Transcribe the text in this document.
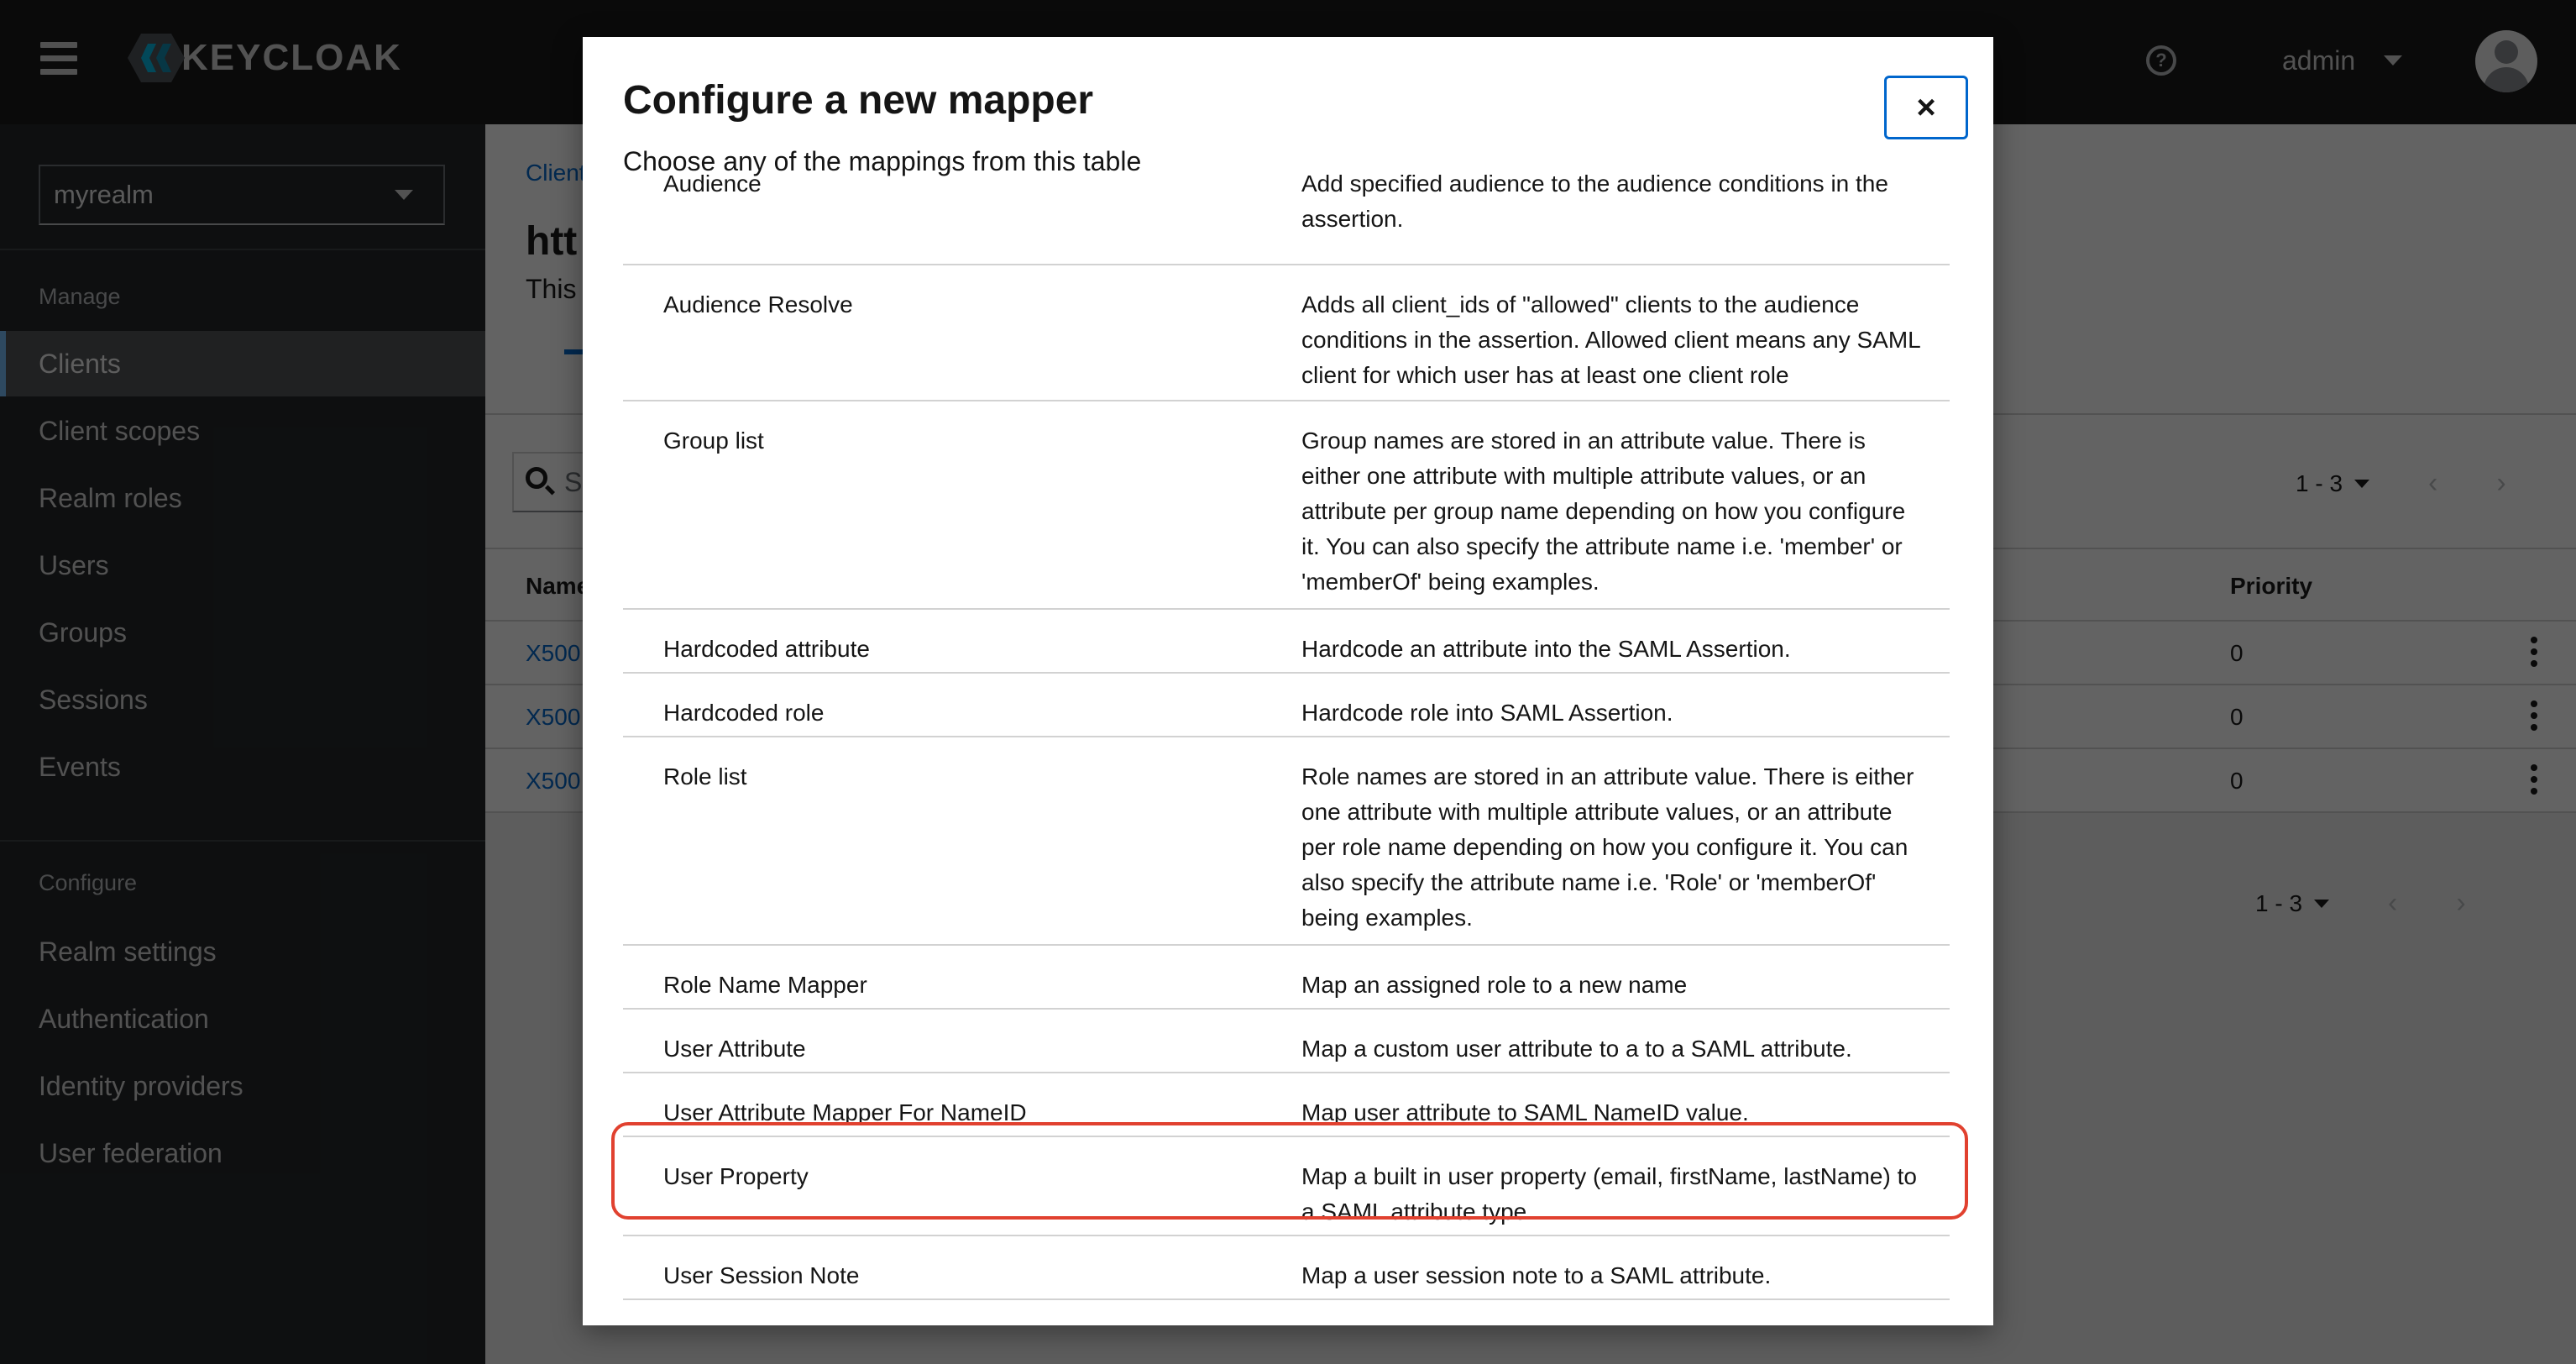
Configure a new mapper	×
Choose any of the mappings from this table
Audience	Add specified audience to the audience conditions in the assertion.
Audience Resolve	Adds all client_ids of "allowed" clients to the audience conditions in the assertion. Allowed client means any SAML client for which user has at least one client role
Group list	Group names are stored in an attribute value. There is either one attribute with multiple attribute values, or an attribute per group name depending on how you configure it. You can also specify the attribute name i.e. 'member' or 'memberOf' being examples.
Hardcoded attribute	Hardcode an attribute into the SAML Assertion.
Hardcoded role	Hardcode role into SAML Assertion.
Role list	Role names are stored in an attribute value. There is either one attribute with multiple attribute values, or an attribute per role name depending on how you configure it. You can also specify the attribute name i.e. 'Role' or 'memberOf' being examples.
Role Name Mapper	Map an assigned role to a new name
User Attribute	Map a custom user attribute to a to a SAML attribute.
User Attribute Mapper For NameID	Map user attribute to SAML NameID value.
User Property	Map a built in user property (email, firstName, lastName) to a SAML attribute type.
User Session Note	Map a user session note to a SAML attribute.
